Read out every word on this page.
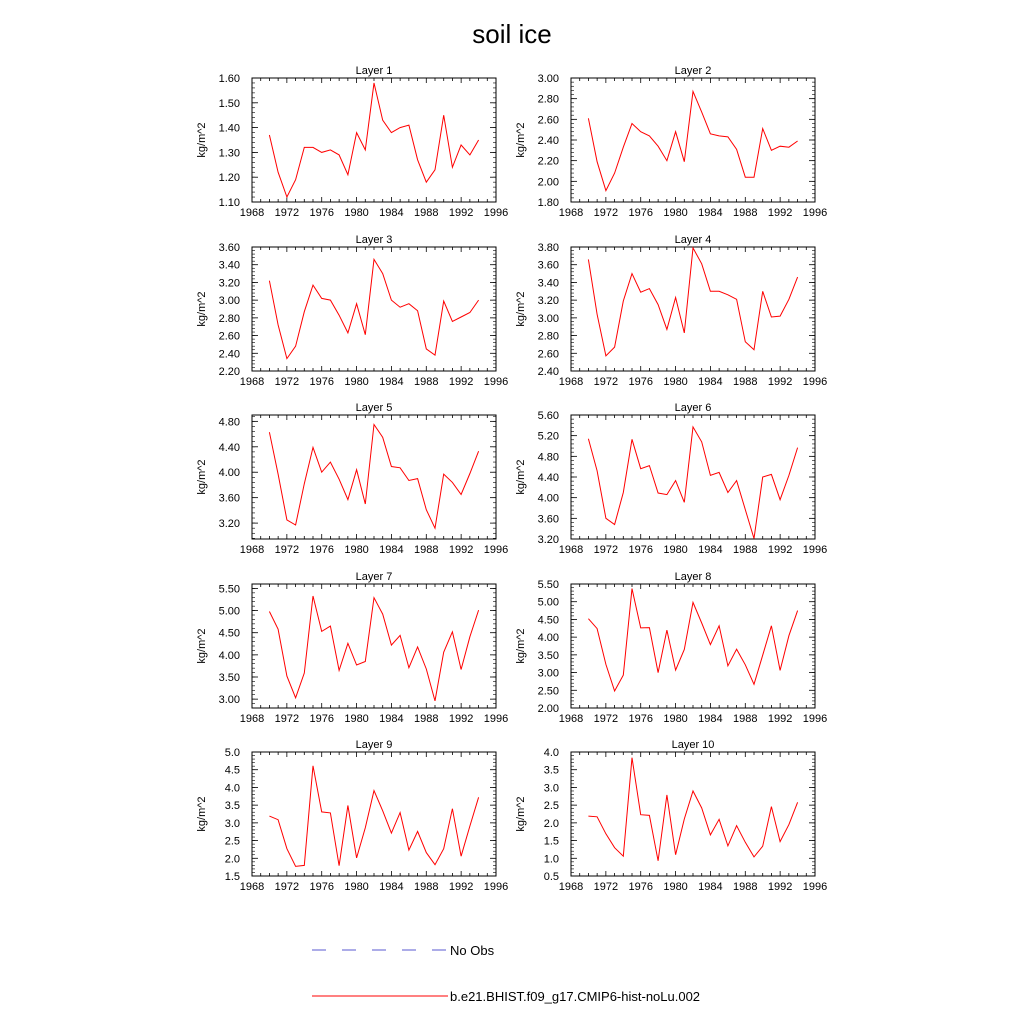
soil ice
Layer 1
kg/m^2
1968 1972 1976 1980 1984 1988 1992 1996
1.10
1.20
1.30
1.40
1.50
1.60
Layer 2
kg/m^2
1968 1972 1976 1980 1984 1988 1992 1996
1.80
2.00
2.20
2.40
2.60
2.80
3.00
Layer 3
kg/m^2
1968 1972 1976 1980 1984 1988 1992 1996
2.20
2.40
2.60
2.80
3.00
3.20
3.40
3.60
Layer 4
kg/m^2
1968 1972 1976 1980 1984 1988 1992 1996
2.40
2.60
2.80
3.00
3.20
3.40
3.60
3.80
Layer 5
kg/m^2
1968 1972 1976 1980 1984 1988 1992 1996
3.20
3.60
4.00
4.40
4.80
Layer 6
kg/m^2
1968 1972 1976 1980 1984 1988 1992 1996
3.20
3.60
4.00
4.40
4.80
5.20
5.60
Layer 7
kg/m^2
1968 1972 1976 1980 1984 1988 1992 1996
3.00
3.50
4.00
4.50
5.00
5.50
Layer 8
kg/m^2
1968 1972 1976 1980 1984 1988 1992 1996
2.00
2.50
3.00
3.50
4.00
4.50
5.00
5.50
Layer 9
kg/m^2
1968 1972 1976 1980 1984 1988 1992 1996
1.5
2.0
2.5
3.0
3.5
4.0
4.5
5.0
Layer 10
kg/m^2
1968 1972 1976 1980 1984 1988 1992 1996
0.5
1.0
1.5
2.0
2.5
3.0
3.5
4.0
No Obs
b.e21.BHIST.f09_g17.CMIP6-hist-noLu.002
